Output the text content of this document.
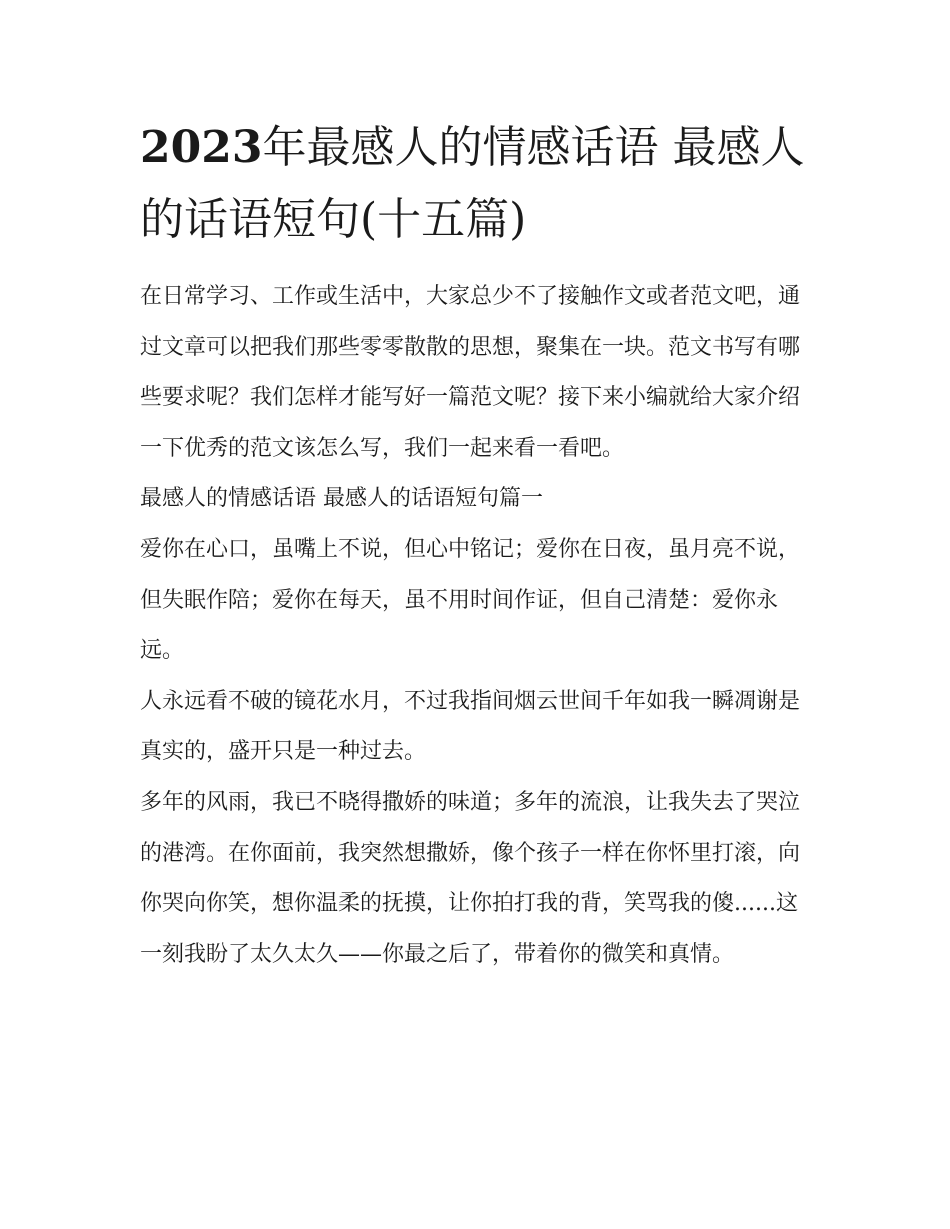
2023年最感人的情感话语 最感人的话语短句(十五篇)

在日常学习、工作或生活中，大家总少不了接触作文或者范文吧，通过文章可以把我们那些零零散散的思想，聚集在一块。范文书写有哪些要求呢？我们怎样才能写好一篇范文呢？接下来小编就给大家介绍一下优秀的范文该怎么写，我们一起来看一看吧。

最感人的情感话语 最感人的话语短句篇一

爱你在心口，虽嘴上不说，但心中铭记；爱你在日夜，虽月亮不说，但失眠作陪；爱你在每天，虽不用时间作证，但自己清楚：爱你永远。

人永远看不破的镜花水月，不过我指间烟云世间千年如我一瞬凋谢是真实的，盛开只是一种过去。

多年的风雨，我已不晓得撒娇的味道；多年的流浪，让我失去了哭泣的港湾。在你面前，我突然想撒娇，像个孩子一样在你怀里打滚，向你哭向你笑，想你温柔的抚摸，让你拍打我的背，笑骂我的傻......这一刻我盼了太久太久——你最之后了，带着你的微笑和真情。
